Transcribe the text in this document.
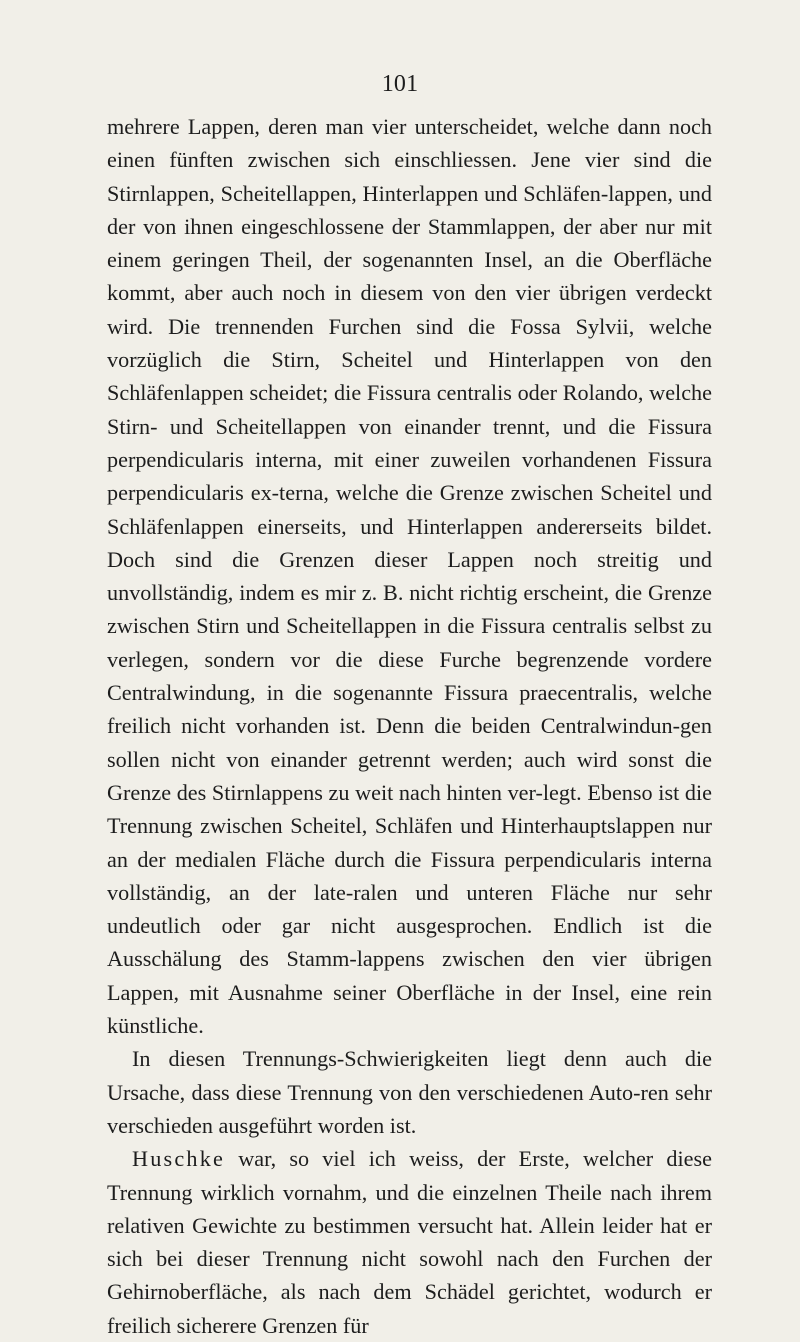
101

mehrere Lappen, deren man vier unterscheidet, welche dann noch einen fünften zwischen sich einschliessen. Jene vier sind die Stirnlappen, Scheitellappen, Hinterlappen und Schläfen-lappen, und der von ihnen eingeschlossene der Stammlappen, der aber nur mit einem geringen Theil, der sogenannten Insel, an die Oberfläche kommt, aber auch noch in diesem von den vier übrigen verdeckt wird. Die trennenden Furchen sind die Fossa Sylvii, welche vorzüglich die Stirn, Scheitel und Hinterlappen von den Schläfenlappen scheidet; die Fissura centralis oder Rolando, welche Stirn- und Scheitellappen von einander trennt, und die Fissura perpendicularis interna, mit einer zuweilen vorhandenen Fissura perpendicularis ex-terna, welche die Grenze zwischen Scheitel und Schläfenlappen einerseits, und Hinterlappen andererseits bildet. Doch sind die Grenzen dieser Lappen noch streitig und unvollständig, indem es mir z. B. nicht richtig erscheint, die Grenze zwischen Stirn und Scheitellappen in die Fissura centralis selbst zu verlegen, sondern vor die diese Furche begrenzende vordere Centralwindung, in die sogenannte Fissura praecentralis, welche freilich nicht vorhanden ist. Denn die beiden Centralwindun-gen sollen nicht von einander getrennt werden; auch wird sonst die Grenze des Stirnlappens zu weit nach hinten ver-legt. Ebenso ist die Trennung zwischen Scheitel, Schläfen und Hinterhauptslappen nur an der medialen Fläche durch die Fissura perpendicularis interna vollständig, an der late-ralen und unteren Fläche nur sehr undeutlich oder gar nicht ausgesprochen. Endlich ist die Ausschälung des Stamm-lappens zwischen den vier übrigen Lappen, mit Ausnahme seiner Oberfläche in der Insel, eine rein künstliche.

In diesen Trennungs-Schwierigkeiten liegt denn auch die Ursache, dass diese Trennung von den verschiedenen Auto-ren sehr verschieden ausgeführt worden ist.

Huschke war, so viel ich weiss, der Erste, welcher diese Trennung wirklich vornahm, und die einzelnen Theile nach ihrem relativen Gewichte zu bestimmen versucht hat. Allein leider hat er sich bei dieser Trennung nicht sowohl nach den Furchen der Gehirnoberfläche, als nach dem Schädel gerichtet, wodurch er freilich sicherere Grenzen für
